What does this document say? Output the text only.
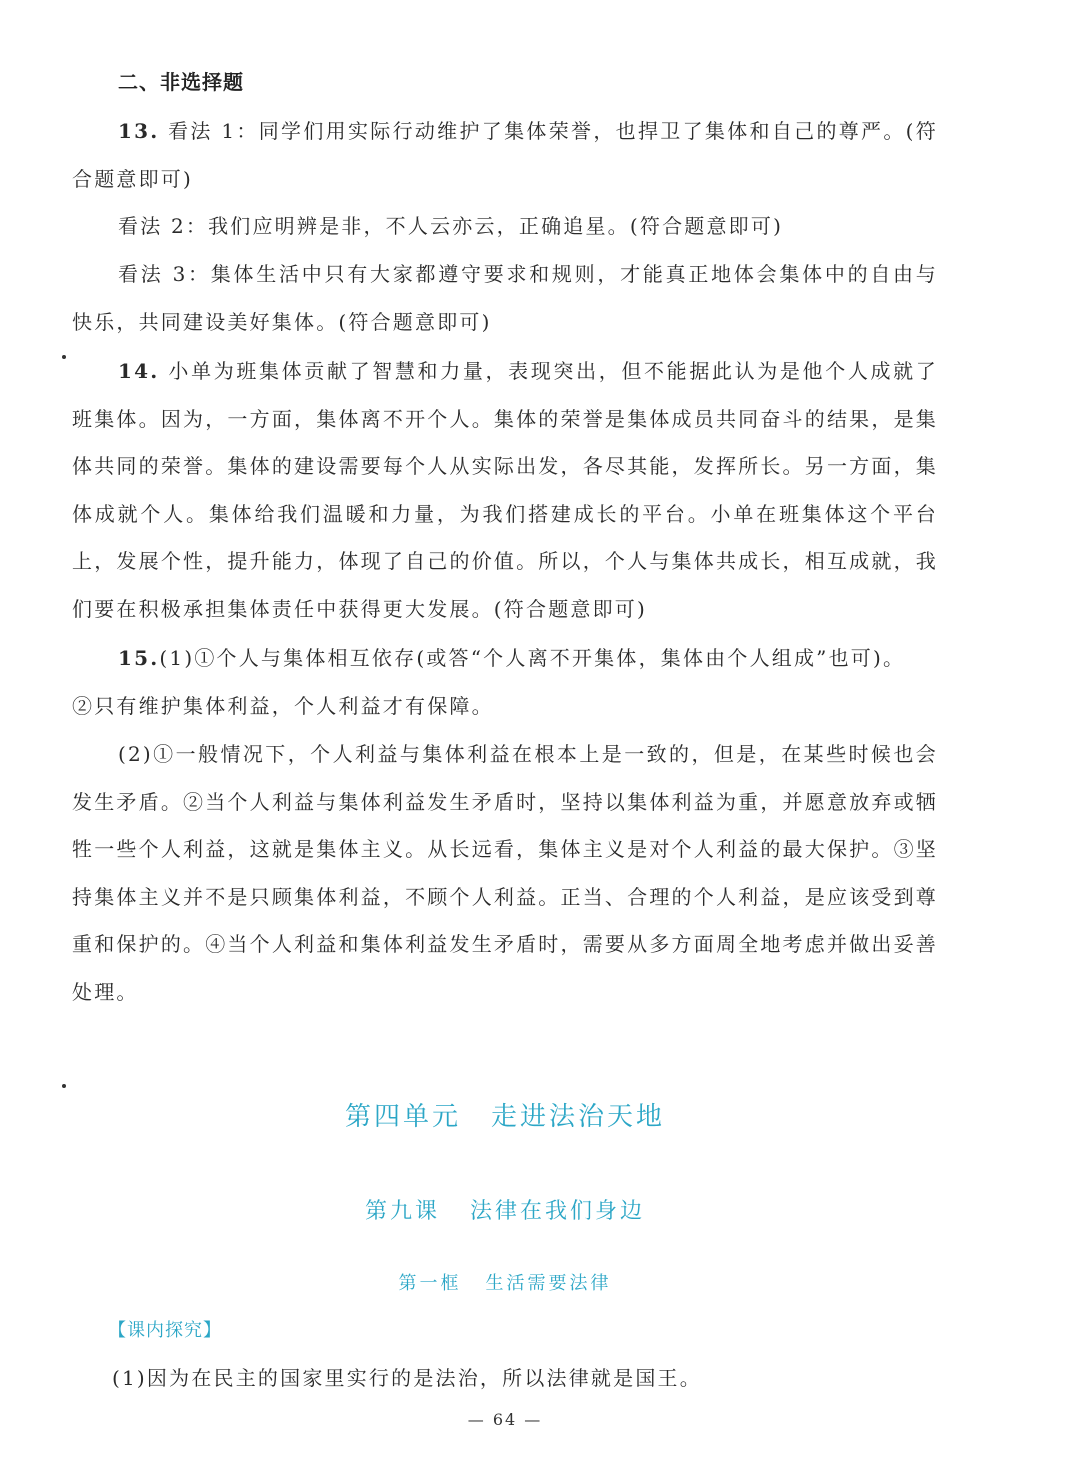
二、非选择题

13. 看法 1：同学们用实际行动维护了集体荣誉，也捍卫了集体和自己的尊严。(符合题意即可)

看法 2：我们应明辨是非，不人云亦云，正确追星。(符合题意即可)

看法 3：集体生活中只有大家都遵守要求和规则，才能真正地体会集体中的自由与快乐，共同建设美好集体。(符合题意即可)

14. 小单为班集体贡献了智慧和力量，表现突出，但不能据此认为是他个人成就了班集体。因为，一方面，集体离不开个人。集体的荣誉是集体成员共同奋斗的结果，是集体共同的荣誉。集体的建设需要每个人从实际出发，各尽其能，发挥所长。另一方面，集体成就个人。集体给我们温暖和力量，为我们搭建成长的平台。小单在班集体这个平台上，发展个性，提升能力，体现了自己的价值。所以，个人与集体共成长，相互成就，我们要在积极承担集体责任中获得更大发展。(符合题意即可)

15.(1)①个人与集体相互依存(或答“个人离不开集体，集体由个人组成”也可)。

②只有维护集体利益，个人利益才有保障。

(2)①一般情况下，个人利益与集体利益在根本上是一致的，但是，在某些时候也会发生矛盾。②当个人利益与集体利益发生矛盾时，坚持以集体利益为重，并愿意放弃或牺牲一些个人利益，这就是集体主义。从长远看，集体主义是对个人利益的最大保护。③坚持集体主义并不是只顾集体利益，不顾个人利益。正当、合理的个人利益，是应该受到尊重和保护的。④当个人利益和集体利益发生矛盾时，需要从多方面周全地考虑并做出妥善处理。

第四单元 走进法治天地
第九课 法律在我们身边
第一框 生活需要法律
【课内探究】

(1)因为在民主的国家里实行的是法治，所以法律就是国王。

— 64 —
